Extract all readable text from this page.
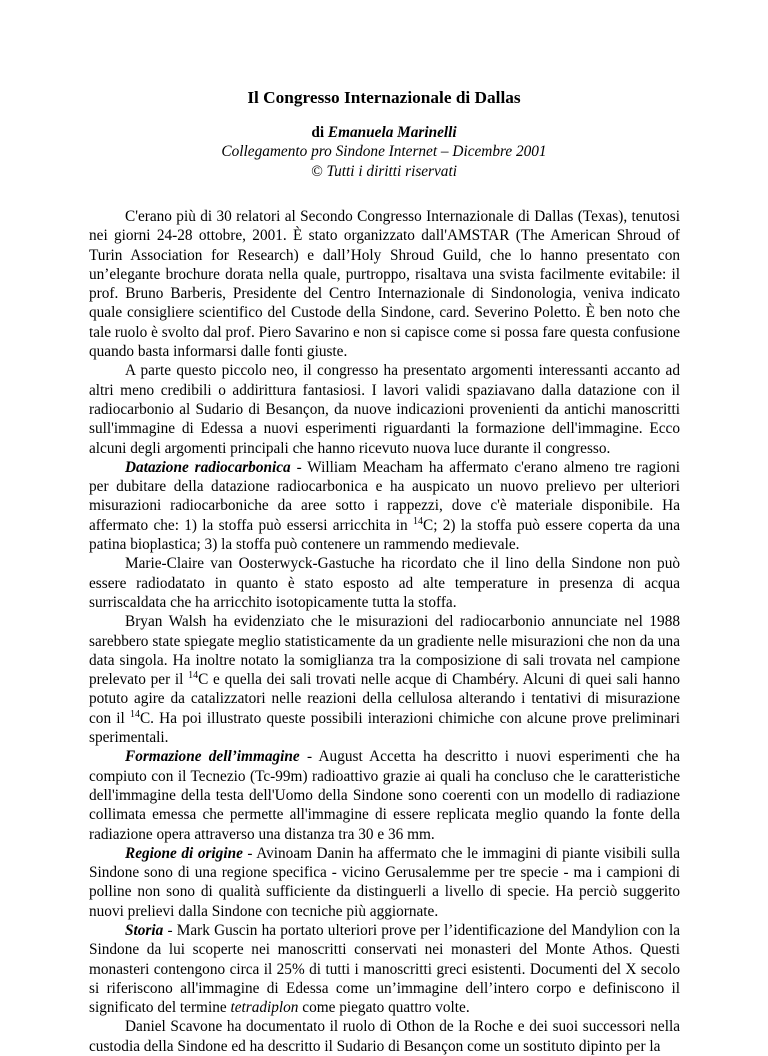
Il Congresso Internazionale di Dallas
di Emanuela Marinelli
Collegamento pro Sindone Internet – Dicembre 2001
© Tutti i diritti riservati

C'erano più di 30 relatori al Secondo Congresso Internazionale di Dallas (Texas), tenutosi nei giorni 24-28 ottobre, 2001. È stato organizzato dall'AMSTAR (The American Shroud of Turin Association for Research) e dall’Holy Shroud Guild, che lo hanno presentato con un’elegante brochure dorata nella quale, purtroppo, risaltava una svista facilmente evitabile: il prof. Bruno Barberis, Presidente del Centro Internazionale di Sindonologia, veniva indicato quale consigliere scientifico del Custode della Sindone, card. Severino Poletto. È ben noto che tale ruolo è svolto dal prof. Piero Savarino e non si capisce come si possa fare questa confusione quando basta informarsi dalle fonti giuste.

A parte questo piccolo neo, il congresso ha presentato argomenti interessanti accanto ad altri meno credibili o addirittura fantasiosi. I lavori validi spaziavano dalla datazione con il radiocarbonio al Sudario di Besançon, da nuove indicazioni provenienti da antichi manoscritti sull'immagine di Edessa a nuovi esperimenti riguardanti la formazione dell'immagine. Ecco alcuni degli argomenti principali che hanno ricevuto nuova luce durante il congresso.

Datazione radiocarbonica - William Meacham ha affermato c'erano almeno tre ragioni per dubitare della datazione radiocarbonica e ha auspicato un nuovo prelievo per ulteriori misurazioni radiocarboniche da aree sotto i rappezzi, dove c'è materiale disponibile. Ha affermato che: 1) la stoffa può essersi arricchita in $^{14}$C; 2) la stoffa può essere coperta da una patina bioplastica; 3) la stoffa può contenere un rammendo medievale.

Marie-Claire van Oosterwyck-Gastuche ha ricordato che il lino della Sindone non può essere radiodatato in quanto è stato esposto ad alte temperature in presenza di acqua surriscaldata che ha arricchito isotopicamente tutta la stoffa.

Bryan Walsh ha evidenziato che le misurazioni del radiocarbonio annunciate nel 1988 sarebbero state spiegate meglio statisticamente da un gradiente nelle misurazioni che non da una data singola. Ha inoltre notato la somiglianza tra la composizione di sali trovata nel campione prelevato per il $^{14}$C e quella dei sali trovati nelle acque di Chambéry. Alcuni di quei sali hanno potuto agire da catalizzatori nelle reazioni della cellulosa alterando i tentativi di misurazione con il $^{14}$C. Ha poi illustrato queste possibili interazioni chimiche con alcune prove preliminari sperimentali.

Formazione dell’immagine - August Accetta ha descritto i nuovi esperimenti che ha compiuto con il Tecnezio (Tc-99m) radioattivo grazie ai quali ha concluso che le caratteristiche dell'immagine della testa dell'Uomo della Sindone sono coerenti con un modello di radiazione collimata emessa che permette all'immagine di essere replicata meglio quando la fonte della radiazione opera attraverso una distanza tra 30 e 36 mm.

Regione di origine - Avinoam Danin ha affermato che le immagini di piante visibili sulla Sindone sono di una regione specifica - vicino Gerusalemme per tre specie - ma i campioni di polline non sono di qualità sufficiente da distinguerli a livello di specie. Ha perciò suggerito nuovi prelievi dalla Sindone con tecniche più aggiornate.

Storia - Mark Guscin ha portato ulteriori prove per l’identificazione del Mandylion con la Sindone da lui scoperte nei manoscritti conservati nei monasteri del Monte Athos. Questi monasteri contengono circa il 25% di tutti i manoscritti greci esistenti. Documenti del X secolo si riferiscono all'immagine di Edessa come un’immagine dell’intero corpo e definiscono il significato del termine tetradiplon come piegato quattro volte.

Daniel Scavone ha documentato il ruolo di Othon de la Roche e dei suoi successori nella custodia della Sindone ed ha descritto il Sudario di Besançon come un sostituto dipinto per la
